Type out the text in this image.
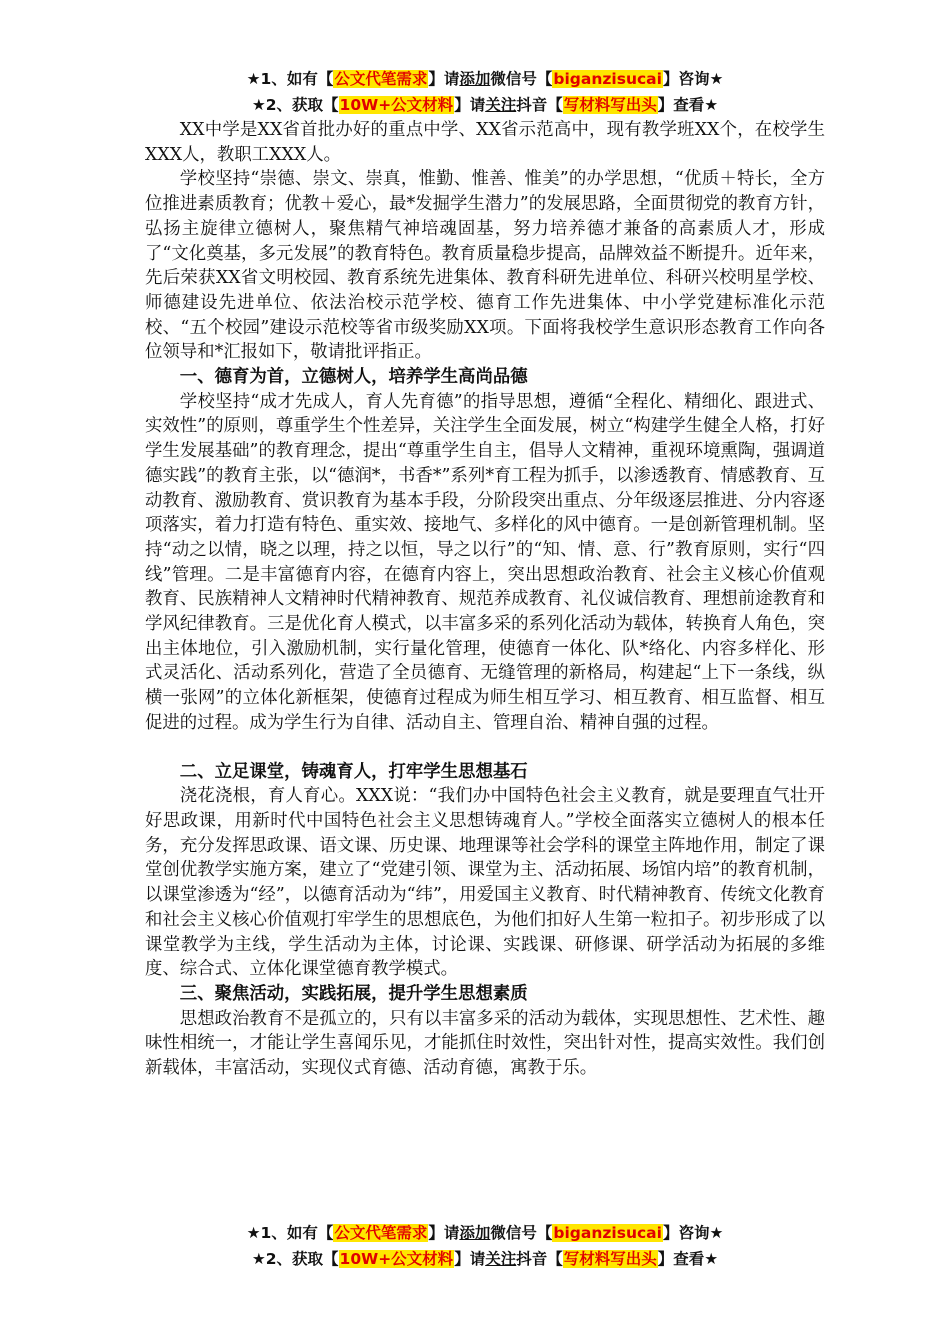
★1、如有【公文代笔需求】请添加微信号【biganzisucai】咨询★
★2、获取【10W+公文材料】请关注抖音【写材料写出头】查看★

XX中学是XX省首批办好的重点中学、XX省示范高中，现有教学班XX个，在校学生XXX人，教职工XXX人。

学校坚持“崇德、崇文、崇真，惟勤、惟善、惟美”的办学思想，“优质＋特长，全方位推进素质教育；优教＋爱心，最*发掘学生潜力”的发展思路，全面贯彻党的教育方针，弘扬主旋律立德树人，聚焦精气神培魂固基，努力培养德才兼备的高素质人才，形成了“文化奠基，多元发展”的教育特色。教育质量稳步提高，品牌效益不断提升。近年来，先后荣获XX省文明校园、教育系统先进集体、教育科研先进单位、科研兴校明星学校、师德建设先进单位、依法治校示范学校、德育工作先进集体、中小学党建标准化示范校、“五个校园”建设示范校等省市级奖励XX项。下面将我校学生意识形态教育工作向各位领导和*汇报如下，敬请批评指正。

一、德育为首，立德树人，培养学生高尚品德

学校坚持“成才先成人，育人先育德”的指导思想，遵循“全程化、精细化、跟进式、实效性”的原则，尊重学生个性差异，关注学生全面发展，树立“构建学生健全人格，打好学生发展基础”的教育理念，提出“尊重学生自主，倡导人文精神，重视环境熏陶，强调道德实践”的教育主张，以“德润*，书香*”系列*育工程为抓手，以渗透教育、情感教育、互动教育、激励教育、赏识教育为基本手段，分阶段突出重点、分年级逐层推进、分内容逐项落实，着力打造有特色、重实效、接地气、多样化的风中德育。一是创新管理机制。坚持“动之以情，晓之以理，持之以恒，导之以行”的“知、情、意、行”教育原则，实行“四线”管理。二是丰富德育内容，在德育内容上，突出思想政治教育、社会主义核心价值观教育、民族精神人文精神时代精神教育、规范养成教育、礼仪诚信教育、理想前途教育和学风纪律教育。三是优化育人模式，以丰富多采的系列化活动为载体，转换育人角色，突出主体地位，引入激励机制，实行量化管理，使德育一体化、队*络化、内容多样化、形式灵活化、活动系列化，营造了全员德育、无缝管理的新格局，构建起“上下一条线，纵横一张网”的立体化新框架，使德育过程成为师生相互学习、相互教育、相互监督、相互促进的过程。成为学生行为自律、活动自主、管理自治、精神自强的过程。

二、立足课堂，铸魂育人，打牢学生思想基石

浇花浇根，育人育心。XXX说：“我们办中国特色社会主义教育，就是要理直气壮开好思政课，用新时代中国特色社会主义思想铸魂育人。”学校全面落实立德树人的根本任务，充分发挥思政课、语文课、历史课、地理课等社会学科的课堂主阵地作用，制定了课堂创优教学实施方案，建立了“党建引领、课堂为主、活动拓展、场馆内培”的教育机制，以课堂渗透为“经”，以德育活动为“纬”，用爱国主义教育、时代精神教育、传统文化教育和社会主义核心价值观打牢学生的思想底色，为他们扣好人生第一粒扣子。初步形成了以课堂教学为主线，学生活动为主体，讨论课、实践课、研修课、研学活动为拓展的多维度、综合式、立体化课堂德育教学模式。

三、聚焦活动，实践拓展，提升学生思想素质

思想政治教育不是孤立的，只有以丰富多采的活动为载体，实现思想性、艺术性、趣味性相统一，才能让学生喜闻乐见，才能抓住时效性，突出针对性，提高实效性。我们创新载体，丰富活动，实现仪式育德、活动育德，寓教于乐。

★1、如有【公文代笔需求】请添加微信号【biganzisucai】咨询★
★2、获取【10W+公文材料】请关注抖音【写材料写出头】查看★
